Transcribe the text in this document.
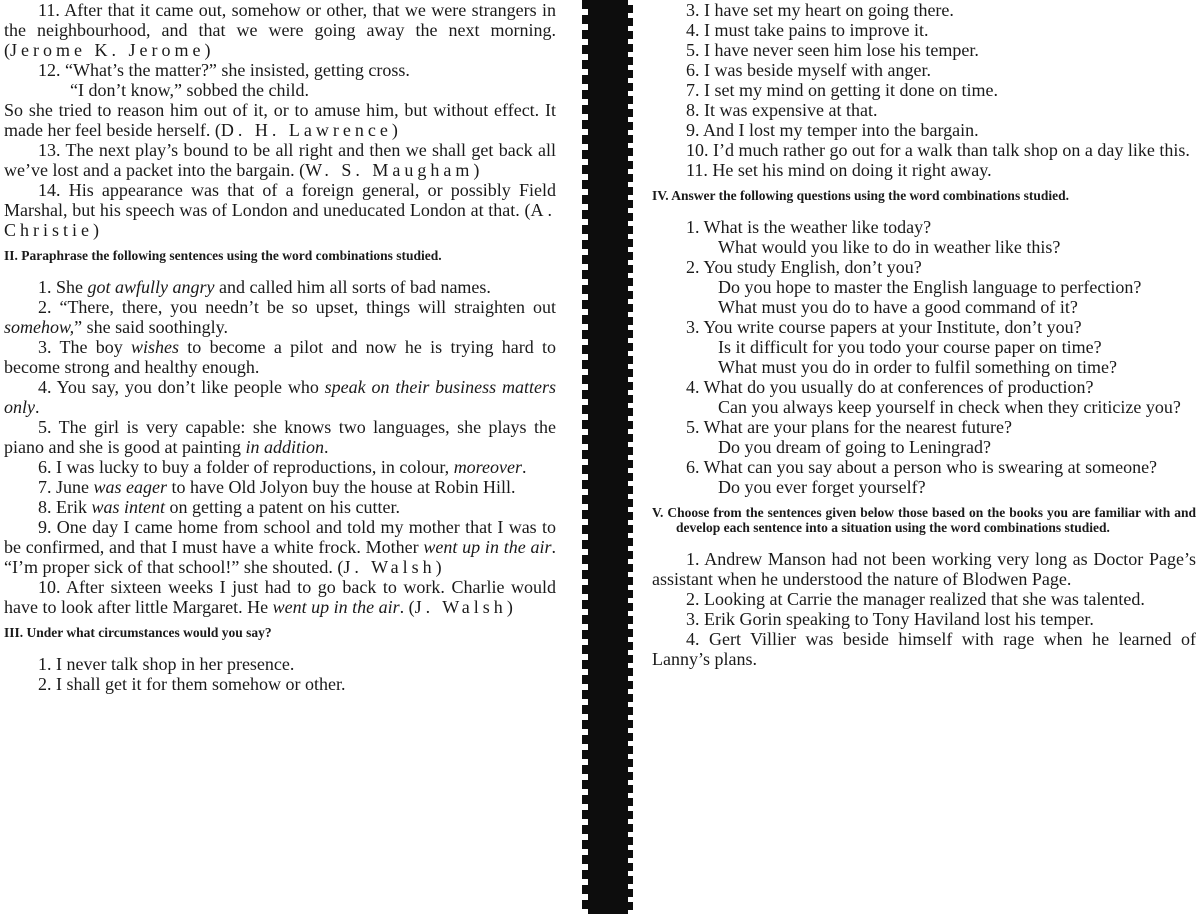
11. After that it came out, somehow or other, that we were strangers in the neighbourhood, and that we were going away the next morning. (Jerome K. Jerome)

12. “What’s the matter?” she insisted, getting cross.

“I don’t know,” sobbed the child.

So she tried to reason him out of it, or to amuse him, but without effect. It made her feel beside herself. (D. H. Lawrence)

13. The next play’s bound to be all right and then we shall get back all we’ve lost and a packet into the bargain. (W. S. Maugham)

14. His appearance was that of a foreign general, or possibly Field Marshal, but his speech was of London and uneducated London at that. (A. Christie)

II. Paraphrase the following sentences using the word combinations studied.

1. She got awfully angry and called him all sorts of bad names.

2. “There, there, you needn’t be so upset, things will straighten out somehow,” she said soothingly.

3. The boy wishes to become a pilot and now he is trying hard to become strong and healthy enough.

4. You say, you don’t like people who speak on their business matters only.

5. The girl is very capable: she knows two languages, she plays the piano and she is good at painting in addition.

6. I was lucky to buy a folder of reproductions, in colour, moreover.

7. June was eager to have Old Jolyon buy the house at Robin Hill.

8. Erik was intent on getting a patent on his cutter.

9. One day I came home from school and told my mother that I was to be confirmed, and that I must have a white frock. Mother went up in the air. “I’m proper sick of that school!” she shouted. (J. Walsh)

10. After sixteen weeks I just had to go back to work. Charlie would have to look after little Margaret. He went up in the air. (J. Walsh)

III. Under what circumstances would you say?

1. I never talk shop in her presence.

2. I shall get it for them somehow or other.

3. I have set my heart on going there.

4. I must take pains to improve it.

5. I have never seen him lose his temper.

6. I was beside myself with anger.

7. I set my mind on getting it done on time.

8. It was expensive at that.

9. And I lost my temper into the bargain.

10. I’d much rather go out for a walk than talk shop on a day like this.

11. He set his mind on doing it right away.

IV. Answer the following questions using the word combinations studied.

1. What is the weather like today?

What would you like to do in weather like this?

2. You study English, don’t you?

Do you hope to master the English language to perfection?

What must you do to have a good command of it?

3. You write course papers at your Institute, don’t you?

Is it difficult for you todo your course paper on time?

What must you do in order to fulfil something on time?

4. What do you usually do at conferences of production?

Can you always keep yourself in check when they criticize you?

5. What are your plans for the nearest future?

Do you dream of going to Leningrad?

6. What can you say about a person who is swearing at someone?

Do you ever forget yourself?

V. Choose from the sentences given below those based on the books you are familiar with and develop each sentence into a situation using the word combinations studied.

1. Andrew Manson had not been working very long as Doctor Page’s assistant when he understood the nature of Blodwen Page.

2. Looking at Carrie the manager realized that she was talented.

3. Erik Gorin speaking to Tony Haviland lost his temper.

4. Gert Villier was beside himself with rage when he learned of Lanny’s plans.
